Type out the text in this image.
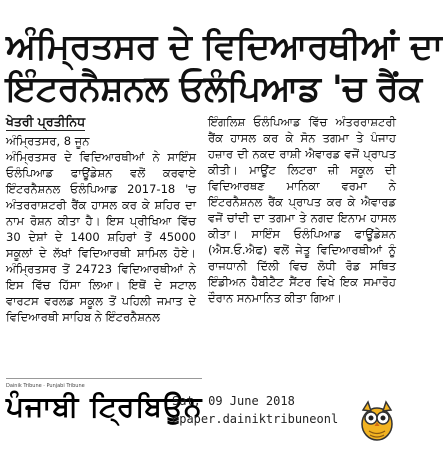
ਅੰਮ੍ਰਿਤਸਰ ਦੇ ਵਿਦਿਆਰਥੀਆਂ ਦਾ
ਇੰਟਰਨੈਸ਼ਨਲ ਓਲੰਪਿਆਡ 'ਚ ਰੈਂਕ
ਖੇਤਰੀ ਪ੍ਰਤੀਨਿਧ
ਅੰਮ੍ਰਿਤਸਰ, 8 ਜੂਨ

ਅੰਮ੍ਰਿਤਸਰ ਦੇ ਵਿਦਿਆਰਥੀਆਂ ਨੇ ਸਾਇੰਸ ਓਲੰਪਿਆਡ ਫਾਊਂਡੇਸ਼ਨ ਵਲੋਂ ਕਰਵਾਏ ਇੰਟਰਨੈਸ਼ਨਲ ਓਲੰਪਿਆਡ 2017-18 'ਚ ਅੰਤਰਰਾਸ਼ਟਰੀ ਰੈਂਕ ਹਾਸਲ ਕਰ ਕੇ ਸ਼ਹਿਰ ਦਾ ਨਾਮ ਰੋਸ਼ਨ ਕੀਤਾ ਹੈ। ਇਸ ਪ੍ਰੀਖਿਆ ਵਿੱਚ 30 ਦੇਸ਼ਾਂ ਦੇ 1400 ਸ਼ਹਿਰਾਂ ਤੋਂ 45000 ਸਕੂਲਾਂ ਦੇ ਲੱਖਾਂ ਵਿਦਿਆਰਥੀ ਸ਼ਾਮਿਲ ਹੋਏ। ਅੰਮ੍ਰਿਤਸਰ ਤੋਂ 24723 ਵਿਦਿਆਰਥੀਆਂ ਨੇ ਇਸ ਵਿੱਚ ਹਿੱਸਾ ਲਿਆ। ਇਥੋਂ ਦੇ ਸਟਾਲ ਵਾਰਟਸ ਵਰਲਡ ਸਕੂਲ ਤੋਂ ਪਹਿਲੀ ਜਮਾਤ ਦੇ ਵਿਦਿਆਰਥੀ ਸਾਹਿਬ ਨੇ ਇੰਟਰਨੈਸ਼ਨਲ

ਇੰਗਲਿਸ਼ ਓਲੰਪਿਆਡ ਵਿੱਚ ਅੰਤਰਰਾਸ਼ਟਰੀ ਰੈਂਕ ਹਾਸਲ ਕਰ ਕੇ ਸੋਨ ਤਗਮਾ ਤੇ ਪੰਜਾਹ ਹਜ਼ਾਰ ਦੀ ਨਕਦ ਰਾਸ਼ੀ ਐਵਾਰਡ ਵਜੋਂ ਪ੍ਰਾਪਤ ਕੀਤੀ। ਮਾਊਂਟ ਲਿਟਰਾ ਜ਼ੀ ਸਕੂਲ ਦੀ ਵਿਦਿਆਰਥਣ ਮਾਨਿਕਾ ਵਰਮਾ ਨੇ ਇੰਟਰਨੈਸ਼ਨਲ ਰੈਂਕ ਪ੍ਰਾਪਤ ਕਰ ਕੇ ਐਵਾਰਡ ਵਜੋਂ ਚਾਂਦੀ ਦਾ ਤਗਮਾ ਤੇ ਨਗਦ ਇਨਾਮ ਹਾਸਲ ਕੀਤਾ। ਸਾਇੰਸ ਓਲੰਪਿਆਡ ਫਾਊਂਡੇਸ਼ਨ (ਐਸ.ਓ.ਐਫ) ਵਲੋਂ ਜੇਤੂ ਵਿਦਿਆਰਥੀਆਂ ਨੂੰ ਰਾਜਧਾਨੀ ਦਿੱਲੀ ਵਿਚ ਲੋਧੀ ਰੋਡ ਸਥਿਤ ਇੰਡੀਅਨ ਹੈਬੀਟੈਟ ਸੈਂਟਰ ਵਿਖੇ ਇਕ ਸਮਾਰੋਹ ਦੌਰਾਨ ਸਨਮਾਨਿਤ ਕੀਤਾ ਗਿਆ।

Dainik Tribune · Punjabi Tribune
ਪੰਜਾਬੀ ਟ੍ਰਿਬਿਊਨ
Sat, 09 June 2018
epaper.dainiktribuneonl
